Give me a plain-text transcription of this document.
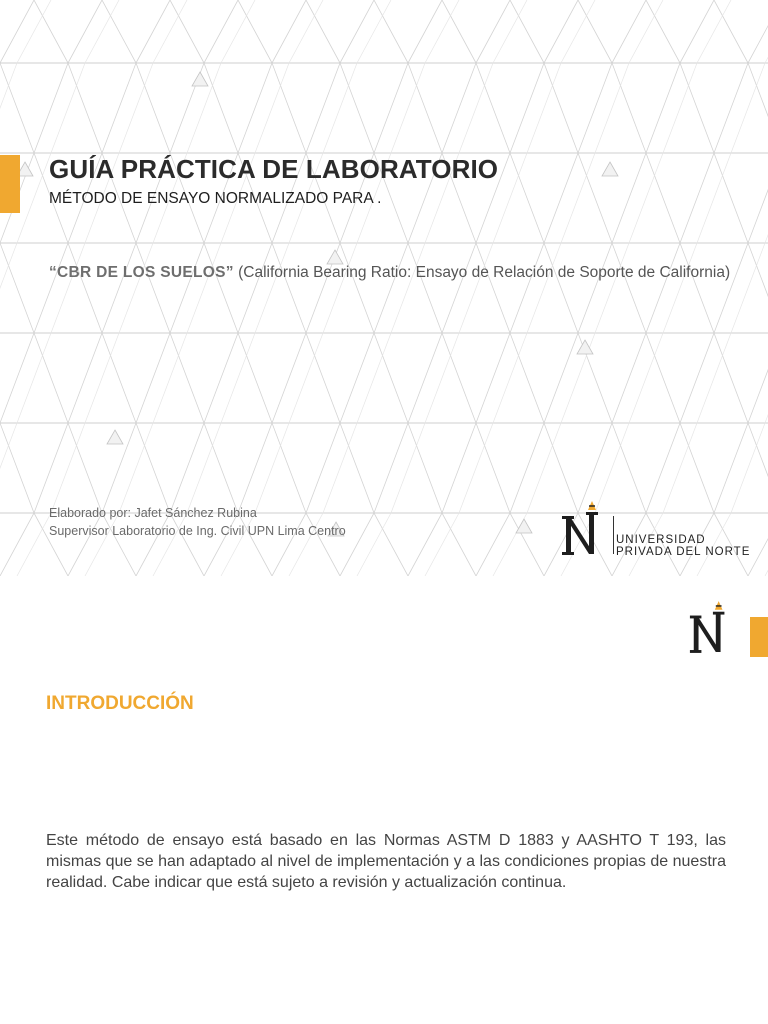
GUÍA PRÁCTICA DE LABORATORIO
MÉTODO DE ENSAYO NORMALIZADO PARA .

“CBR DE LOS SUELOS” (California Bearing Ratio: Ensayo de Relación de Soporte de California)

Elaborado por: Jafet Sánchez Rubina
Supervisor Laboratorio de Ing. Civil UPN Lima Centro
UNIVERSIDAD
PRIVADA DEL NORTE
INTRODUCCIÓN

Este método de ensayo está basado en las Normas ASTM D 1883 y AASHTO T 193, las mismas que se han adaptado al nivel de implementación y a las condiciones propias de nuestra realidad. Cabe indicar que está sujeto a revisión y actualización continua.
